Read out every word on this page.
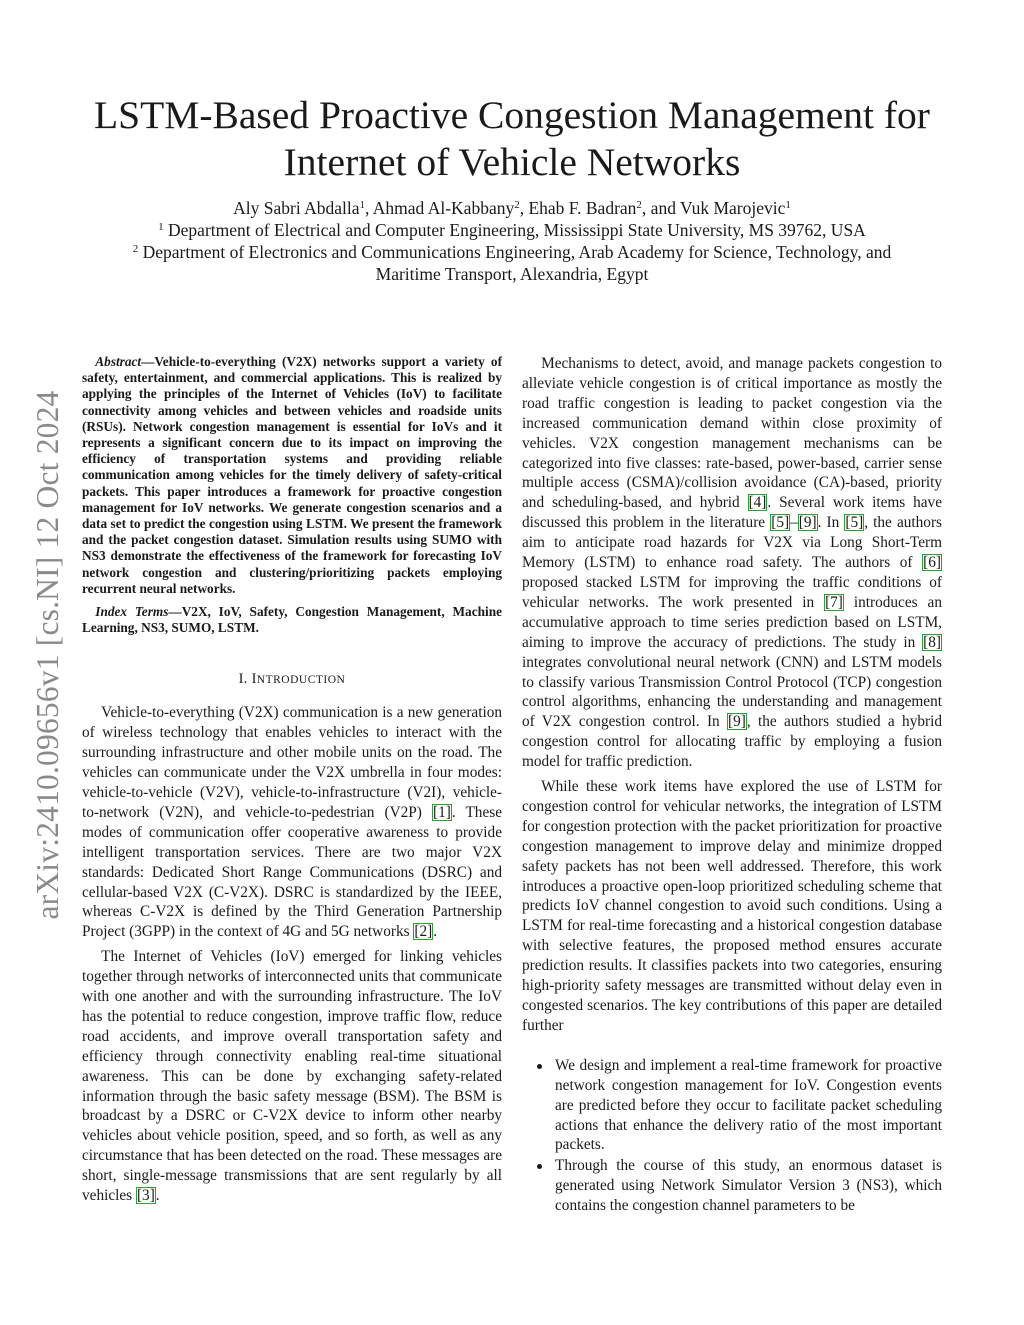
arXiv:2410.09656v1 [cs.NI] 12 Oct 2024
LSTM-Based Proactive Congestion Management for
Internet of Vehicle Networks
Aly Sabri Abdalla$^1$, Ahmad Al-Kabbany$^2$, Ehab F. Badran$^2$, and Vuk Marojevic$^1$
$^1$ Department of Electrical and Computer Engineering, Mississippi State University, MS 39762, USA
$^2$ Department of Electronics and Communications Engineering, Arab Academy for Science, Technology, and
Maritime Transport, Alexandria, Egypt

Abstract—Vehicle-to-everything (V2X) networks support a variety of safety, entertainment, and commercial applications. This is realized by applying the principles of the Internet of Vehicles (IoV) to facilitate connectivity among vehicles and between vehicles and roadside units (RSUs). Network congestion management is essential for IoVs and it represents a significant concern due to its impact on improving the efficiency of transportation systems and providing reliable communication among vehicles for the timely delivery of safety-critical packets. This paper introduces a framework for proactive congestion management for IoV networks. We generate congestion scenarios and a data set to predict the congestion using LSTM. We present the framework and the packet congestion dataset. Simulation results using SUMO with NS3 demonstrate the effectiveness of the framework for forecasting IoV network congestion and clustering/prioritizing packets employing recurrent neural networks.

Index Terms—V2X, IoV, Safety, Congestion Management, Machine Learning, NS3, SUMO, LSTM.

I. INTRODUCTION

Vehicle-to-everything (V2X) communication is a new generation of wireless technology that enables vehicles to interact with the surrounding infrastructure and other mobile units on the road. The vehicles can communicate under the V2X umbrella in four modes: vehicle-to-vehicle (V2V), vehicle-to-infrastructure (V2I), vehicle-to-network (V2N), and vehicle-to-pedestrian (V2P) [1]. These modes of communication offer cooperative awareness to provide intelligent transportation services. There are two major V2X standards: Dedicated Short Range Communications (DSRC) and cellular-based V2X (C-V2X). DSRC is standardized by the IEEE, whereas C-V2X is defined by the Third Generation Partnership Project (3GPP) in the context of 4G and 5G networks [2].

The Internet of Vehicles (IoV) emerged for linking vehicles together through networks of interconnected units that communicate with one another and with the surrounding infrastructure. The IoV has the potential to reduce congestion, improve traffic flow, reduce road accidents, and improve overall transportation safety and efficiency through connectivity enabling real-time situational awareness. This can be done by exchanging safety-related information through the basic safety message (BSM). The BSM is broadcast by a DSRC or C-V2X device to inform other nearby vehicles about vehicle position, speed, and so forth, as well as any circumstance that has been detected on the road. These messages are short, single-message transmissions that are sent regularly by all vehicles [3].

Mechanisms to detect, avoid, and manage packets congestion to alleviate vehicle congestion is of critical importance as mostly the road traffic congestion is leading to packet congestion via the increased communication demand within close proximity of vehicles. V2X congestion management mechanisms can be categorized into five classes: rate-based, power-based, carrier sense multiple access (CSMA)/collision avoidance (CA)-based, priority and scheduling-based, and hybrid [4]. Several work items have discussed this problem in the literature [5]–[9]. In [5], the authors aim to anticipate road hazards for V2X via Long Short-Term Memory (LSTM) to enhance road safety. The authors of [6] proposed stacked LSTM for improving the traffic conditions of vehicular networks. The work presented in [7] introduces an accumulative approach to time series prediction based on LSTM, aiming to improve the accuracy of predictions. The study in [8] integrates convolutional neural network (CNN) and LSTM models to classify various Transmission Control Protocol (TCP) congestion control algorithms, enhancing the understanding and management of V2X congestion control. In [9], the authors studied a hybrid congestion control for allocating traffic by employing a fusion model for traffic prediction.

While these work items have explored the use of LSTM for congestion control for vehicular networks, the integration of LSTM for congestion protection with the packet prioritization for proactive congestion management to improve delay and minimize dropped safety packets has not been well addressed. Therefore, this work introduces a proactive open-loop prioritized scheduling scheme that predicts IoV channel congestion to avoid such conditions. Using a LSTM for real-time forecasting and a historical congestion database with selective features, the proposed method ensures accurate prediction results. It classifies packets into two categories, ensuring high-priority safety messages are transmitted without delay even in congested scenarios. The key contributions of this paper are detailed further

We design and implement a real-time framework for proactive network congestion management for IoV. Congestion events are predicted before they occur to facilitate packet scheduling actions that enhance the delivery ratio of the most important packets.
Through the course of this study, an enormous dataset is generated using Network Simulator Version 3 (NS3), which contains the congestion channel parameters to be
